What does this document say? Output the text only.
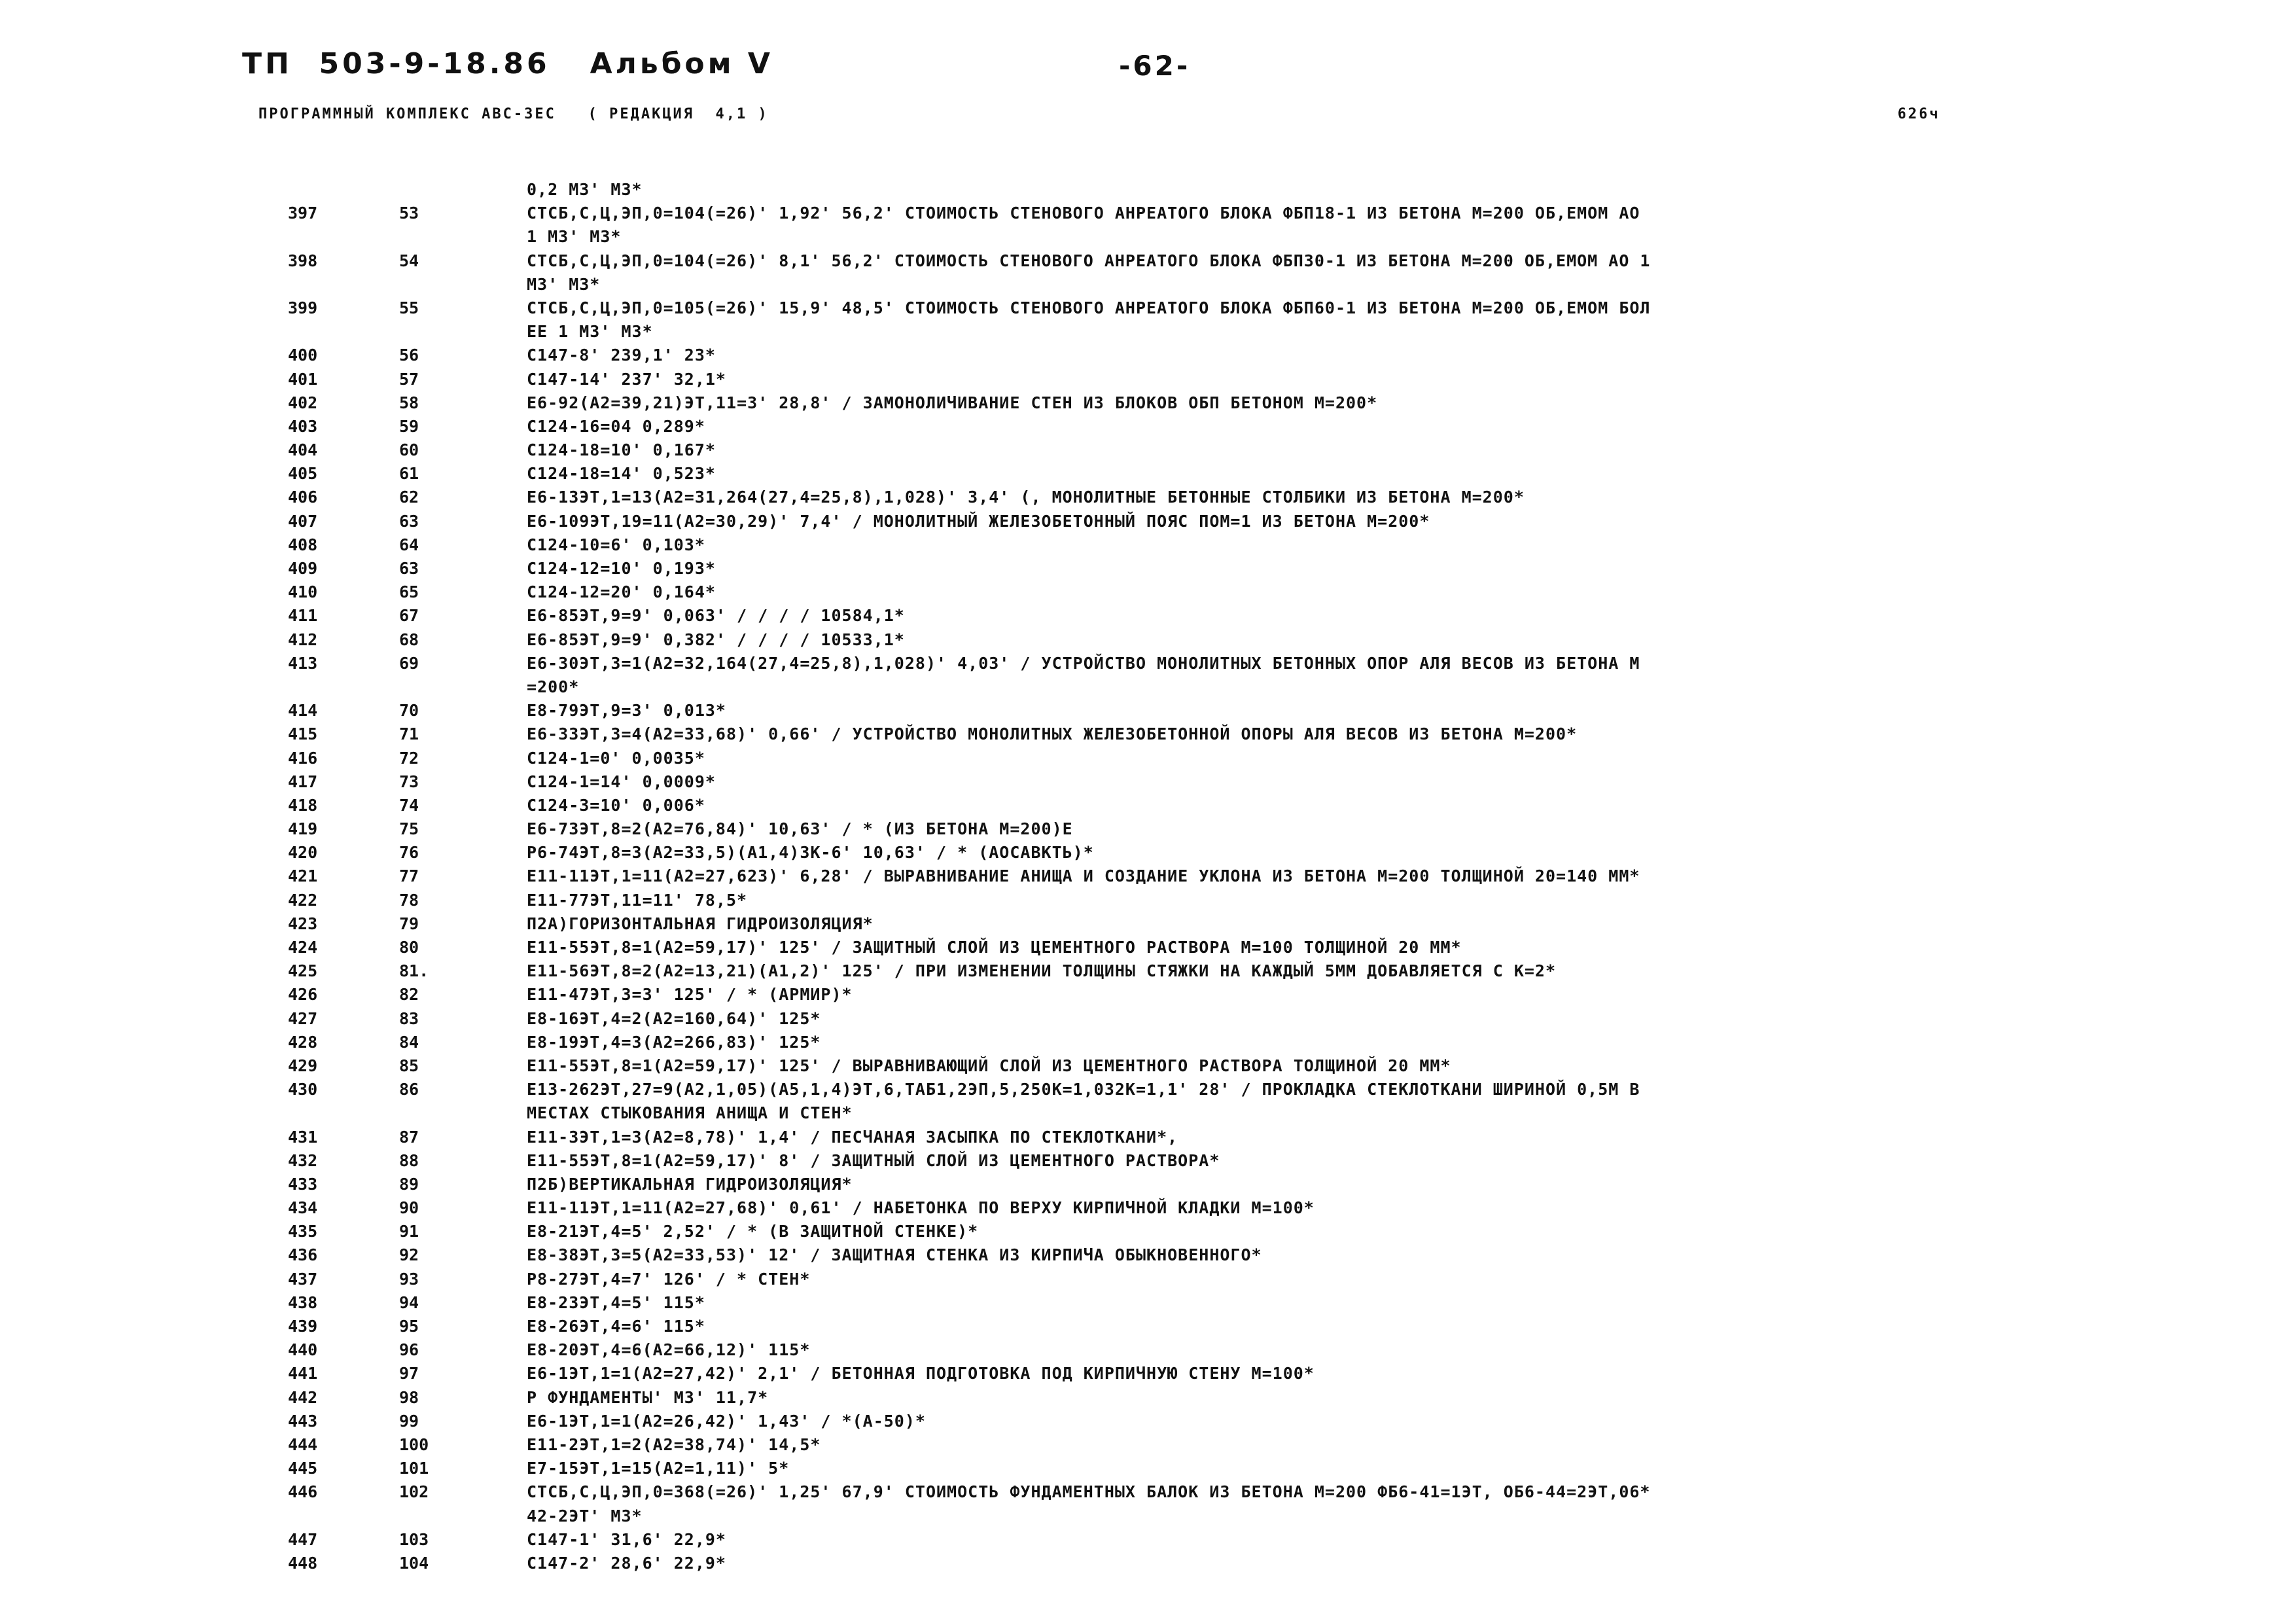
ТП  503-9-18.86   Альбом V	-62-
ПРОГРАММНЫЙ КОМПЛЕКС АВС-3ЕС   ( РЕДАКЦИЯ  4,1 )	626ч
0,2 М3' М3*
397	53	СТСБ,С,Ц,ЭП,0=104(=26)' 1,92' 56,2' СТОИМОСТЬ СТЕНОВОГО АНРЕАТОГО БЛОКА ФБП18-1 ИЗ БЕТОНА М=200 ОБ,ЕМОМ АО
1 М3' М3*
398	54	СТСБ,С,Ц,ЭП,0=104(=26)' 8,1' 56,2' СТОИМОСТЬ СТЕНОВОГО АНРЕАТОГО БЛОКА ФБП30-1 ИЗ БЕТОНА М=200 ОБ,ЕМОМ АО 1
М3' М3*
399	55	СТСБ,С,Ц,ЭП,0=105(=26)' 15,9' 48,5' СТОИМОСТЬ СТЕНОВОГО АНРЕАТОГО БЛОКА ФБП60-1 ИЗ БЕТОНА М=200 ОБ,ЕМОМ БОЛ
ЕЕ 1 М3' М3*
400	56	С147-8' 239,1' 23*
401	57	С147-14' 237' 32,1*
402	58	Е6-92(А2=39,21)ЭТ,11=3' 28,8' / ЗАМОНОЛИЧИВАНИЕ СТЕН ИЗ БЛОКОВ ОБП БЕТОНОМ М=200*
403	59	С124-16=04 0,289*
404	60	С124-18=10' 0,167*
405	61	С124-18=14' 0,523*
406	62	Е6-13ЭТ,1=13(А2=31,264(27,4=25,8),1,028)' 3,4' (, МОНОЛИТНЫЕ БЕТОННЫЕ СТОЛБИКИ ИЗ БЕТОНА М=200*
407	63	Е6-109ЭТ,19=11(А2=30,29)' 7,4' / МОНОЛИТНЫЙ ЖЕЛЕЗОБЕТОННЫЙ ПОЯС ПОМ=1 ИЗ БЕТОНА М=200*
408	64	С124-10=6' 0,103*
409	63	С124-12=10' 0,193*
410	65	С124-12=20' 0,164*
411	67	Е6-85ЭТ,9=9' 0,063' / / / / 10584,1*
412	68	Е6-85ЭТ,9=9' 0,382' / / / / 10533,1*
413	69	Е6-30ЭТ,3=1(А2=32,164(27,4=25,8),1,028)' 4,03' / УСТРОЙСТВО МОНОЛИТНЫХ БЕТОННЫХ ОПОР АЛЯ ВЕСОВ ИЗ БЕТОНА М
=200*
414	70	Е8-79ЭТ,9=3' 0,013*
415	71	Е6-33ЭТ,3=4(А2=33,68)' 0,66' / УСТРОЙСТВО МОНОЛИТНЫХ ЖЕЛЕЗОБЕТОННОЙ ОПОРЫ АЛЯ ВЕСОВ ИЗ БЕТОНА М=200*
416	72	С124-1=0' 0,0035*
417	73	С124-1=14' 0,0009*
418	74	С124-3=10' 0,006*
419	75	Е6-73ЭТ,8=2(А2=76,84)' 10,63' / * (ИЗ БЕТОНА М=200)Е
420	76	Р6-74ЭТ,8=3(А2=33,5)(А1,4)ЗК-6' 10,63' / * (АОСАВКТЬ)*
421	77	Е11-11ЭТ,1=11(А2=27,623)' 6,28' / ВЫРАВНИВАНИЕ АНИЩА И СОЗДАНИЕ УКЛОНА ИЗ БЕТОНА М=200 ТОЛЩИНОЙ 20=140 ММ*
422	78	Е11-77ЭТ,11=11' 78,5*
423	79	П2А)ГОРИЗОНТАЛЬНАЯ ГИДРОИЗОЛЯЦИЯ*
424	80	Е11-55ЭТ,8=1(А2=59,17)' 125' / ЗАЩИТНЫЙ СЛОЙ ИЗ ЦЕМЕНТНОГО РАСТВОРА М=100 ТОЛЩИНОЙ 20 ММ*
425	81.	Е11-56ЭТ,8=2(А2=13,21)(А1,2)' 125' / ПРИ ИЗМЕНЕНИИ ТОЛЩИНЫ СТЯЖКИ НА КАЖДЫЙ 5ММ ДОБАВЛЯЕТСЯ С К=2*
426	82	Е11-47ЭТ,3=3' 125' / * (АРМИР)*
427	83	Е8-16ЭТ,4=2(А2=160,64)' 125*
428	84	Е8-19ЭТ,4=3(А2=266,83)' 125*
429	85	Е11-55ЭТ,8=1(А2=59,17)' 125' / ВЫРАВНИВАЮЩИЙ СЛОЙ ИЗ ЦЕМЕНТНОГО РАСТВОРА ТОЛЩИНОЙ 20 ММ*
430	86	Е13-262ЭТ,27=9(А2,1,05)(А5,1,4)ЭТ,6,ТАБ1,2ЭП,5,250К=1,032К=1,1' 28' / ПРОКЛАДКА СТЕКЛОТКАНИ ШИРИНОЙ 0,5М В
МЕСТАХ СТЫКОВАНИЯ АНИЩА И СТЕН*
431	87	Е11-3ЭТ,1=3(А2=8,78)' 1,4' / ПЕСЧАНАЯ ЗАСЫПКА ПО СТЕКЛОТКАНИ*,
432	88	Е11-55ЭТ,8=1(А2=59,17)' 8' / ЗАЩИТНЫЙ СЛОЙ ИЗ ЦЕМЕНТНОГО РАСТВОРА*
433	89	П2Б)ВЕРТИКАЛЬНАЯ ГИДРОИЗОЛЯЦИЯ*
434	90	Е11-11ЭТ,1=11(А2=27,68)' 0,61' / НАБЕТОНКА ПО ВЕРХУ КИРПИЧНОЙ КЛАДКИ М=100*
435	91	Е8-21ЭТ,4=5' 2,52' / * (В ЗАЩИТНОЙ СТЕНКЕ)*
436	92	Е8-38ЭТ,3=5(А2=33,53)' 12' / ЗАЩИТНАЯ СТЕНКА ИЗ КИРПИЧА ОБЫКНОВЕННОГО*
437	93	Р8-27ЭТ,4=7' 126' / * СТЕН*
438	94	Е8-23ЭТ,4=5' 115*
439	95	Е8-26ЭТ,4=6' 115*
440	96	Е8-20ЭТ,4=6(А2=66,12)' 115*
441	97	Е6-1ЭТ,1=1(А2=27,42)' 2,1' / БЕТОННАЯ ПОДГОТОВКА ПОД КИРПИЧНУЮ СТЕНУ М=100*
442	98	Р ФУНДАМЕНТЫ' М3' 11,7*
443	99	Е6-1ЭТ,1=1(А2=26,42)' 1,43' / *(А-50)*
444	100	Е11-2ЭТ,1=2(А2=38,74)' 14,5*
445	101	Е7-15ЭТ,1=15(А2=1,11)' 5*
446	102	СТСБ,С,Ц,ЭП,0=368(=26)' 1,25' 67,9' СТОИМОСТЬ ФУНДАМЕНТНЫХ БАЛОК ИЗ БЕТОНА М=200 ФБ6-41=1ЭТ, ОБ6-44=2ЭТ,06*
42-2ЭТ' М3*
447	103	С147-1' 31,6' 22,9*
448	104	С147-2' 28,6' 22,9*
